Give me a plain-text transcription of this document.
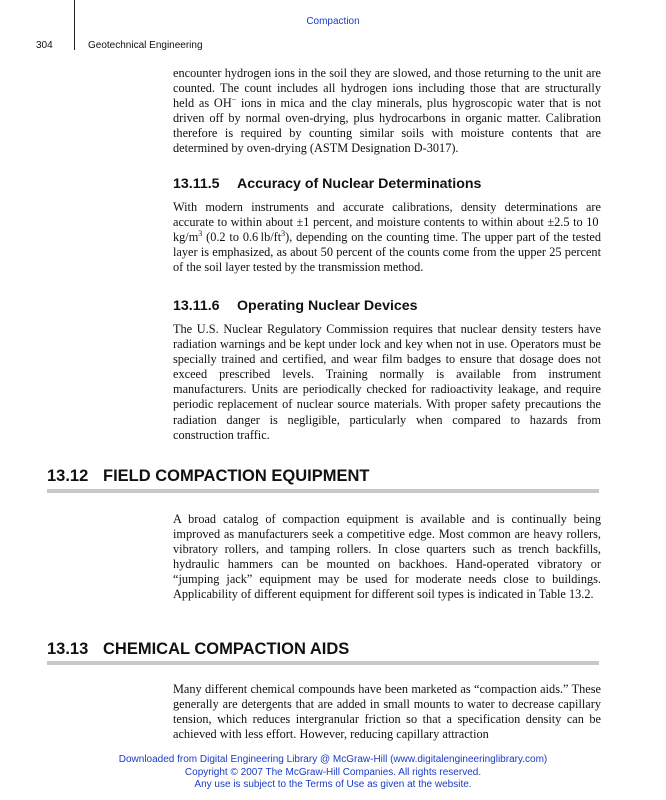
Compaction
304	Geotechnical Engineering

encounter hydrogen ions in the soil they are slowed, and those returning to the unit are counted. The count includes all hydrogen ions including those that are structurally held as OH− ions in mica and the clay minerals, plus hygroscopic water that is not driven off by normal oven-drying, plus hydrocarbons in organic matter. Calibration therefore is required by counting similar soils with moisture contents that are determined by oven-drying (ASTM Designation D-3017).

13.11.5 Accuracy of Nuclear Determinations

With modern instruments and accurate calibrations, density determinations are accurate to within about ±1 percent, and moisture contents to within about ±2.5 to 10 $kg/m^3$ (0.2 to 0.6 $lb/ft^3$), depending on the counting time. The upper part of the tested layer is emphasized, as about 50 percent of the counts come from the upper 25 percent of the soil layer tested by the transmission method.

13.11.6 Operating Nuclear Devices

The U.S. Nuclear Regulatory Commission requires that nuclear density testers have radiation warnings and be kept under lock and key when not in use. Operators must be specially trained and certified, and wear film badges to ensure that dosage does not exceed prescribed levels. Training normally is available from instrument manufacturers. Units are periodically checked for radioactivity leakage, and require periodic replacement of nuclear source materials. With proper safety precautions the radiation danger is negligible, particularly when compared to hazards from construction traffic.

13.12 FIELD COMPACTION EQUIPMENT

A broad catalog of compaction equipment is available and is continually being improved as manufacturers seek a competitive edge. Most common are heavy rollers, vibratory rollers, and tamping rollers. In close quarters such as trench backfills, hydraulic hammers can be mounted on backhoes. Hand-operated vibratory or “jumping jack” equipment may be used for moderate needs close to buildings. Applicability of different equipment for different soil types is indicated in Table 13.2.

13.13 CHEMICAL COMPACTION AIDS

Many different chemical compounds have been marketed as “compaction aids.” These generally are detergents that are added in small mounts to water to decrease capillary tension, which reduces intergranular friction so that a specification density can be achieved with less effort. However, reducing capillary attraction

Downloaded from Digital Engineering Library @ McGraw-Hill (www.digitalengineeringlibrary.com)
Copyright © 2007 The McGraw-Hill Companies. All rights reserved.
Any use is subject to the Terms of Use as given at the website.
